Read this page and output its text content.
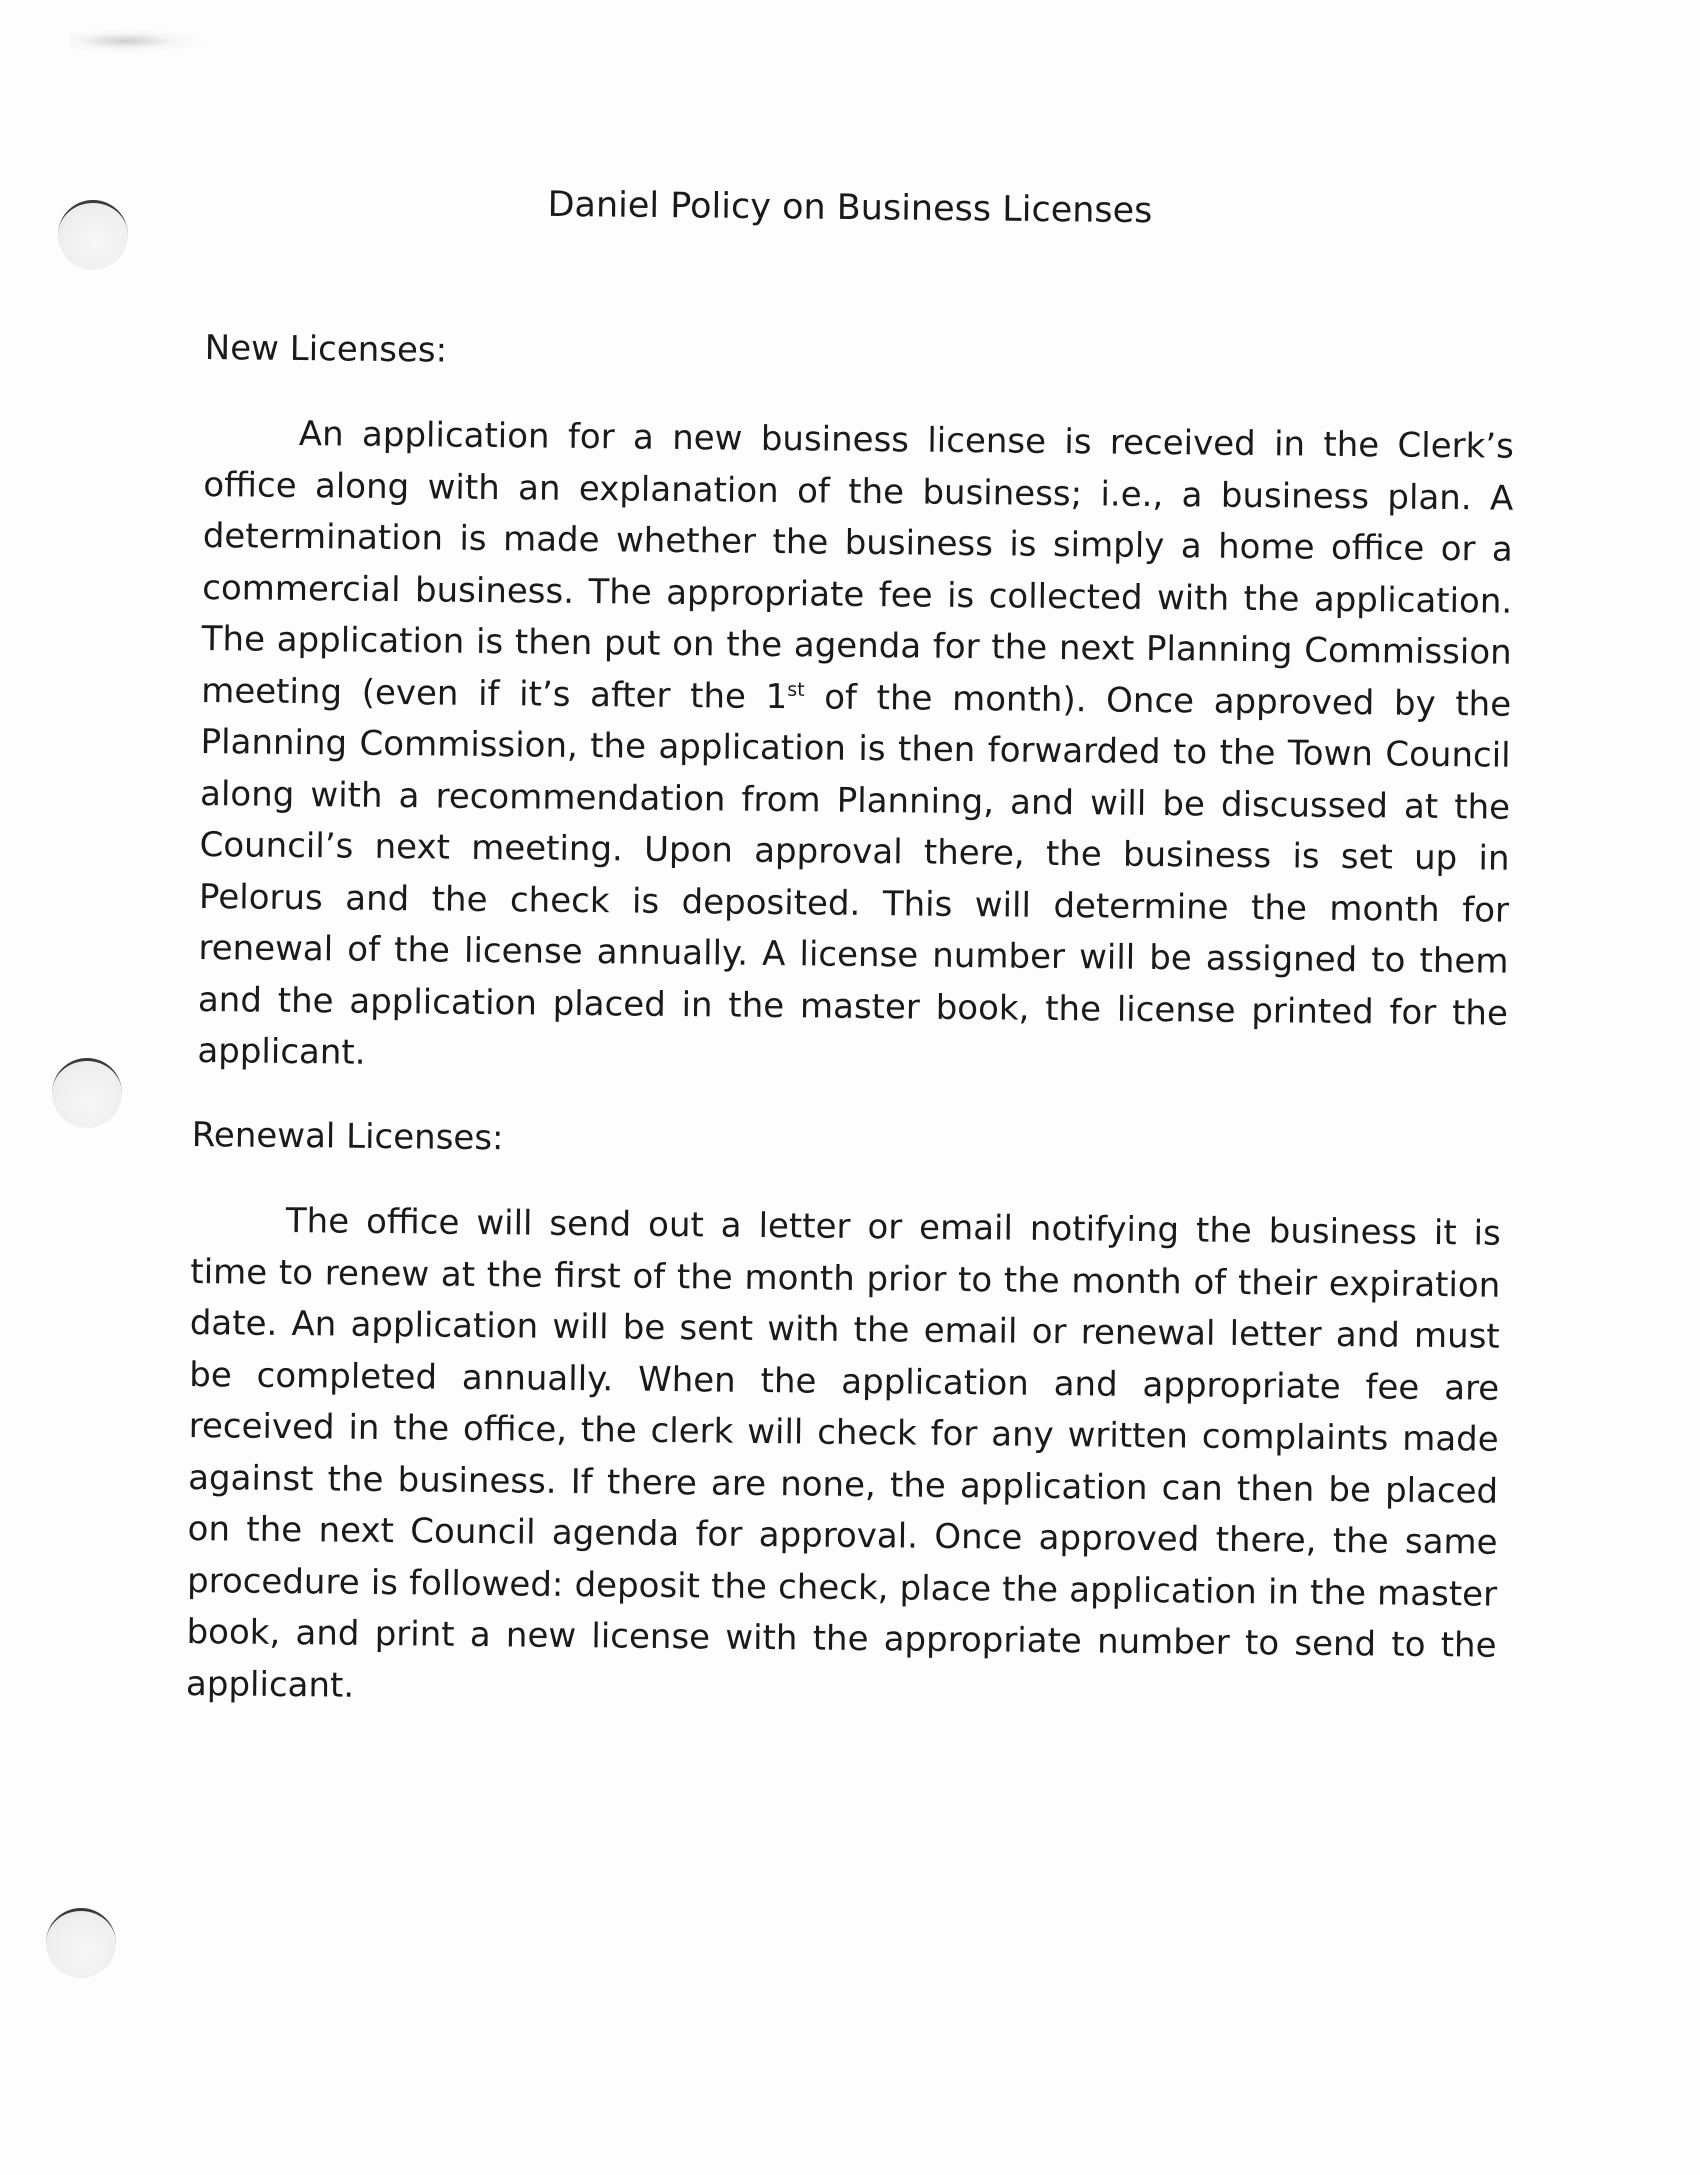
Daniel Policy on Business Licenses
New Licenses:

An application for a new business license is received in the Clerk’s office along with an explanation of the business; i.e., a business plan. A determination is made whether the business is simply a home office or a commercial business. The appropriate fee is collected with the application. The application is then put on the agenda for the next Planning Commission meeting (even if it’s after the 1st of the month). Once approved by the Planning Commission, the application is then forwarded to the Town Council along with a recommendation from Planning, and will be discussed at the Council’s next meeting. Upon approval there, the business is set up in Pelorus and the check is deposited. This will determine the month for renewal of the license annually. A license number will be assigned to them and the application placed in the master book, the license printed for the applicant.

Renewal Licenses:

The office will send out a letter or email notifying the business it is time to renew at the first of the month prior to the month of their expiration date. An application will be sent with the email or renewal letter and must be completed annually. When the application and appropriate fee are received in the office, the clerk will check for any written complaints made against the business. If there are none, the application can then be placed on the next Council agenda for approval. Once approved there, the same procedure is followed: deposit the check, place the application in the master book, and print a new license with the appropriate number to send to the applicant.
